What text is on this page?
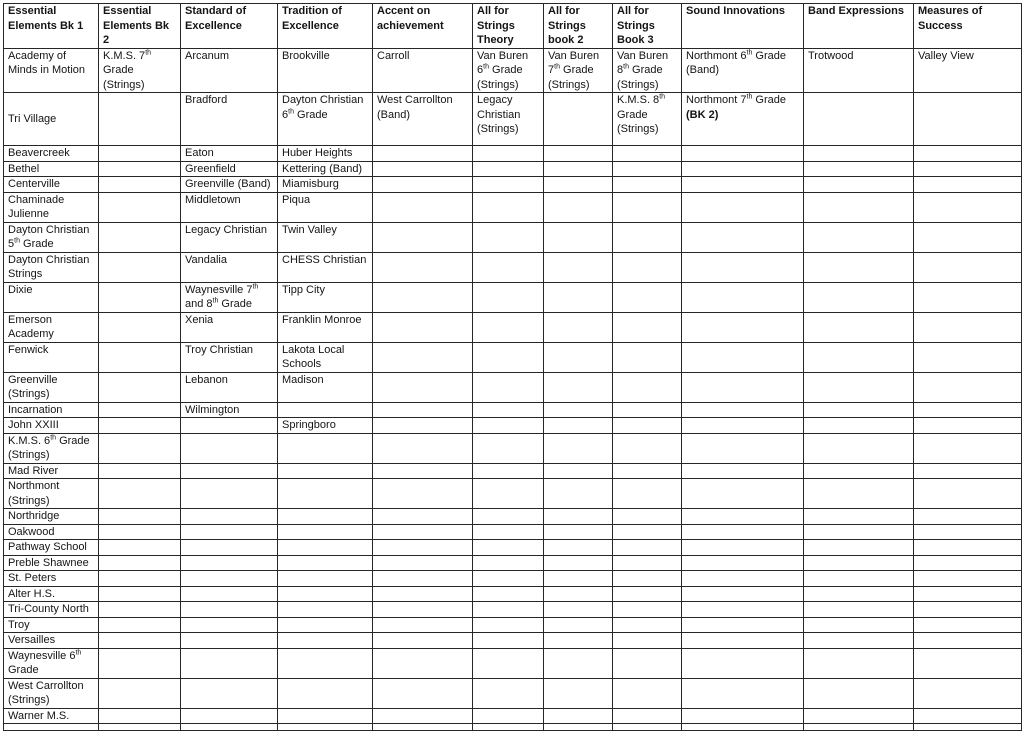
Essential Elements Bk 1	Essential Elements Bk 2	Standard of Excellence	Tradition of Excellence	Accent on achievement	All for Strings Theory	All for Strings book 2	All for Strings Book 3	Sound Innovations	Band Expressions	Measures of Success
Academy of Minds in Motion	K.M.S. 7th Grade (Strings)	Arcanum	Brookville	Carroll	Van Buren 6th Grade (Strings)	Van Buren 7th Grade (Strings)	Van Buren 8th Grade (Strings)	Northmont 6th Grade (Band)	Trotwood	Valley View
Tri Village		Bradford	Dayton Christian 6th Grade	West Carrollton (Band)	Legacy Christian (Strings)		K.M.S. 8th Grade (Strings)	Northmont 7th Grade (BK 2)		
Beavercreek		Eaton	Huber Heights							
Bethel		Greenfield	Kettering (Band)							
Centerville		Greenville (Band)	Miamisburg							
Chaminade Julienne		Middletown	Piqua							
Dayton Christian 5th Grade		Legacy Christian	Twin Valley							
Dayton Christian Strings		Vandalia	CHESS Christian							
Dixie		Waynesville 7th and 8th Grade	Tipp City							
Emerson Academy		Xenia	Franklin Monroe							
Fenwick		Troy Christian	Lakota Local Schools							
Greenville (Strings)		Lebanon	Madison							
Incarnation		Wilmington								
John XXIII			Springboro							
K.M.S. 6th Grade (Strings)										
Mad River										
Northmont (Strings)										
Northridge										
Oakwood										
Pathway School										
Preble Shawnee										
St. Peters										
Alter H.S.										
Tri-County North										
Troy										
Versailles										
Waynesville 6th Grade										
West Carrollton (Strings)										
Warner M.S.										
